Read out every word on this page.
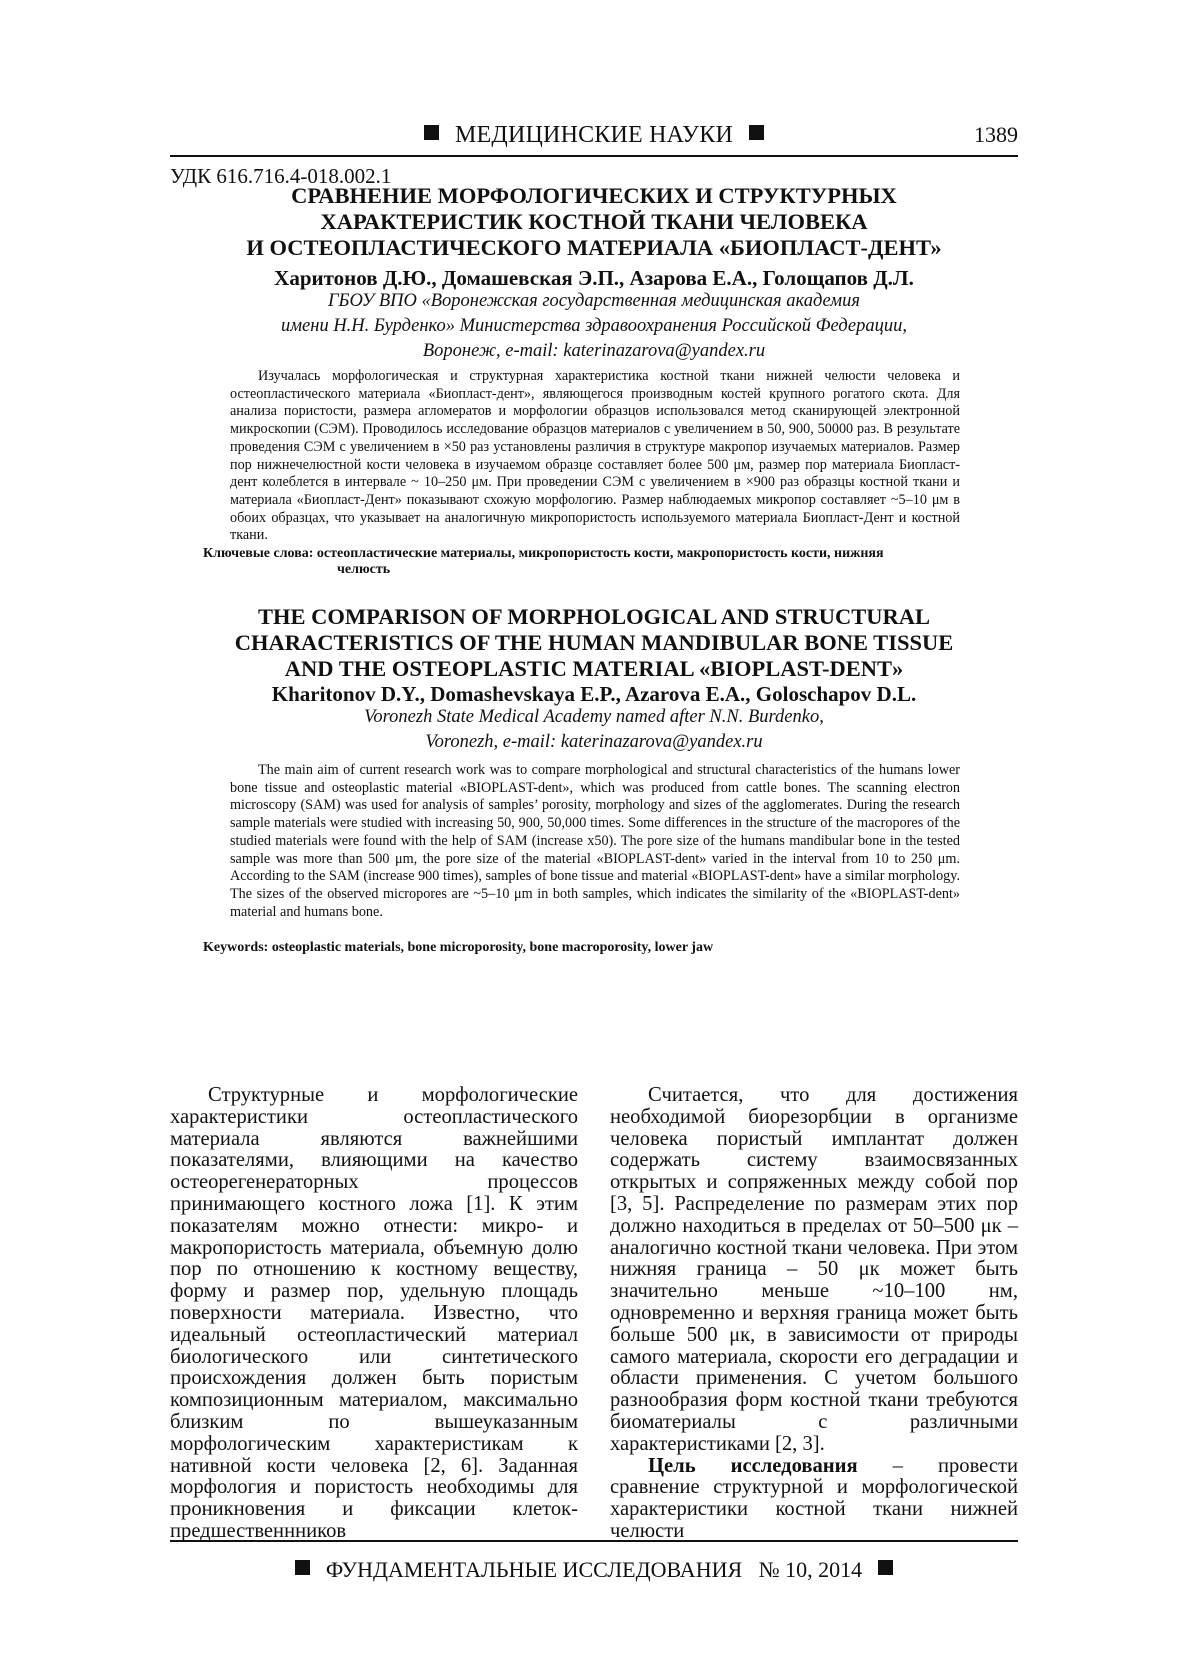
МЕДИЦИНСКИЕ НАУКИ	1389
УДК 616.716.4-018.002.1
СРАВНЕНИЕ МОРФОЛОГИЧЕСКИХ И СТРУКТУРНЫХ
ХАРАКТЕРИСТИК КОСТНОЙ ТКАНИ ЧЕЛОВЕКА
И ОСТЕОПЛАСТИЧЕСКОГО МАТЕРИАЛА «БИОПЛАСТ-ДЕНТ»
Харитонов Д.Ю., Домашевская Э.П., Азарова Е.А., Голощапов Д.Л.
ГБОУ ВПО «Воронежская государственная медицинская академия
имени Н.Н. Бурденко» Министерства здравоохранения Российской Федерации,
Воронеж, e-mail: katerinazarova@yandex.ru
Изучалась морфологическая и структурная характеристика костной ткани нижней челюсти человека и остеопластического материала «Биопласт-дент», являющегося производным костей крупного рогатого скота. Для анализа пористости, размера агломератов и морфологии образцов использовался метод сканирующей электронной микроскопии (СЭМ). Проводилось исследование образцов материалов с увеличением в 50, 900, 50000 раз. В результате проведения СЭМ с увеличением в ×50 раз установлены различия в структуре макропор изучаемых материалов. Размер пор нижнечелюстной кости человека в изучаемом образце составляет более 500 μм, размер пор материала Биопласт-дент колеблется в интервале ~ 10–250 μм. При проведении СЭМ с увеличением в ×900 раз образцы костной ткани и материала «Биопласт-Дент» показывают схожую морфологию. Размер наблюдаемых микропор составляет ~5–10 μм в обоих образцах, что указывает на аналогичную микропористость используемого материала Биопласт-Дент и костной ткани.
Ключевые слова: остеопластические материалы, микропористость кости, макропористость кости, нижняя
челюсть
THE COMPARISON OF MORPHOLOGICAL AND STRUCTURAL
CHARACTERISTICS OF THE HUMAN MANDIBULAR BONE TISSUE
AND THE OSTEOPLASTIC MATERIAL «BIOPLAST-DENT»
Kharitonov D.Y., Domashevskaya E.P., Azarova E.A., Goloschapov D.L.
Voronezh State Medical Academy named after N.N. Burdenko,
Voronezh, e-mail: katerinazarova@yandex.ru
The main aim of current research work was to compare morphological and structural characteristics of the humans lower bone tissue and osteoplastic material «BIOPLAST-dent», which was produced from cattle bones. The scanning electron microscopy (SAM) was used for analysis of samples’ porosity, morphology and sizes of the agglomerates. During the research sample materials were studied with increasing 50, 900, 50,000 times. Some differences in the structure of the macropores of the studied materials were found with the help of SAM (increase x50). The pore size of the humans mandibular bone in the tested sample was more than 500 μm, the pore size of the material «BIOPLAST-dent» varied in the interval from 10 to 250 μm. According to the SAM (increase 900 times), samples of bone tissue and material «BIOPLAST-dent» have a similar morphology. The sizes of the observed micropores are ~5–10 μm in both samples, which indicates the similarity of the «BIOPLAST-dent» material and humans bone.
Keywords: osteoplastic materials, bone microporosity, bone macroporosity, lower jaw

Структурные и морфологические характеристики остеопластического материала являются важнейшими показателями, влияющими на качество остеорегенераторных процессов принимающего костного ложа [1]. К этим показателям можно отнести: микро- и макропористость материала, объемную долю пор по отношению к костному веществу, форму и размер пор, удельную площадь поверхности материала. Известно, что идеальный остеопластический материал биологического или синтетического происхождения должен быть пористым композиционным материалом, максимально близким по вышеуказанным морфологическим характеристикам к нативной кости человека [2, 6]. Заданная морфология и пористость необходимы для проникновения и фиксации клеток-предшественнников

Считается, что для достижения необходимой биорезорбции в организме человека пористый имплантат должен содержать систему взаимосвязанных открытых и сопряженных между собой пор [3, 5]. Распределение по размерам этих пор должно находиться в пределах от 50–500 μк – аналогично костной ткани человека. При этом нижняя граница – 50 μк может быть значительно меньше ~10–100 нм, одновременно и верхняя граница может быть больше 500 μк, в зависимости от природы самого материала, скорости его деградации и области применения. С учетом большого разнообразия форм костной ткани требуются биоматериалы с различными характеристиками [2, 3].

Цель исследования – провести сравнение структурной и морфологической характеристики костной ткани нижней челюсти

ФУНДАМЕНТАЛЬНЫЕ ИССЛЕДОВАНИЯ № 10, 2014
